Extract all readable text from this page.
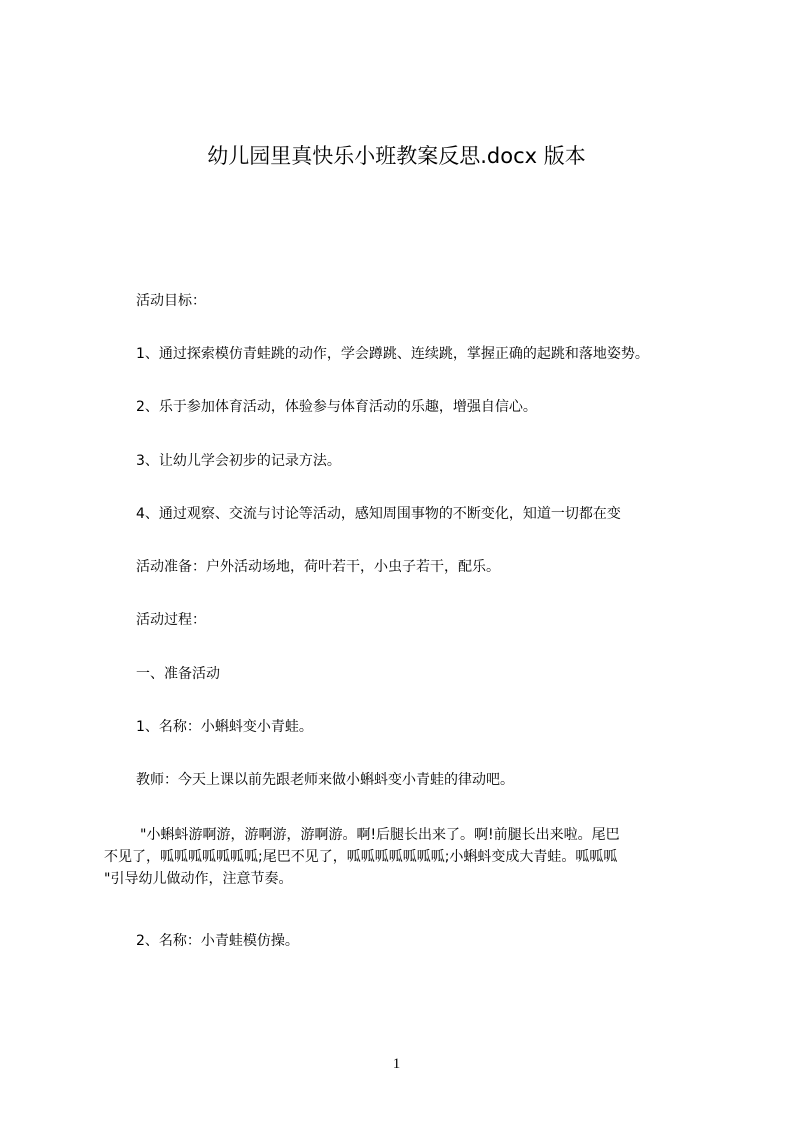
幼儿园里真快乐小班教案反思.docx 版本
活动目标：
1、通过探索模仿青蛙跳的动作，学会蹲跳、连续跳，掌握正确的起跳和落地姿势。
2、乐于参加体育活动，体验参与体育活动的乐趣，增强自信心。
3、让幼儿学会初步的记录方法。
4、通过观察、交流与讨论等活动，感知周围事物的不断变化，知道一切都在变
活动准备：户外活动场地，荷叶若干，小虫子若干，配乐。
活动过程：
一、准备活动
1、名称：小蝌蚪变小青蛙。
教师：今天上课以前先跟老师来做小蝌蚪变小青蛙的律动吧。
"小蝌蚪游啊游，游啊游，游啊游。啊!后腿长出来了。啊!前腿长出来啦。尾巴
不见了，呱呱呱呱呱呱呱;尾巴不见了，呱呱呱呱呱呱呱;小蝌蚪变成大青蛙。呱呱呱
"引导幼儿做动作，注意节奏。
2、名称：小青蛙模仿操。
1
